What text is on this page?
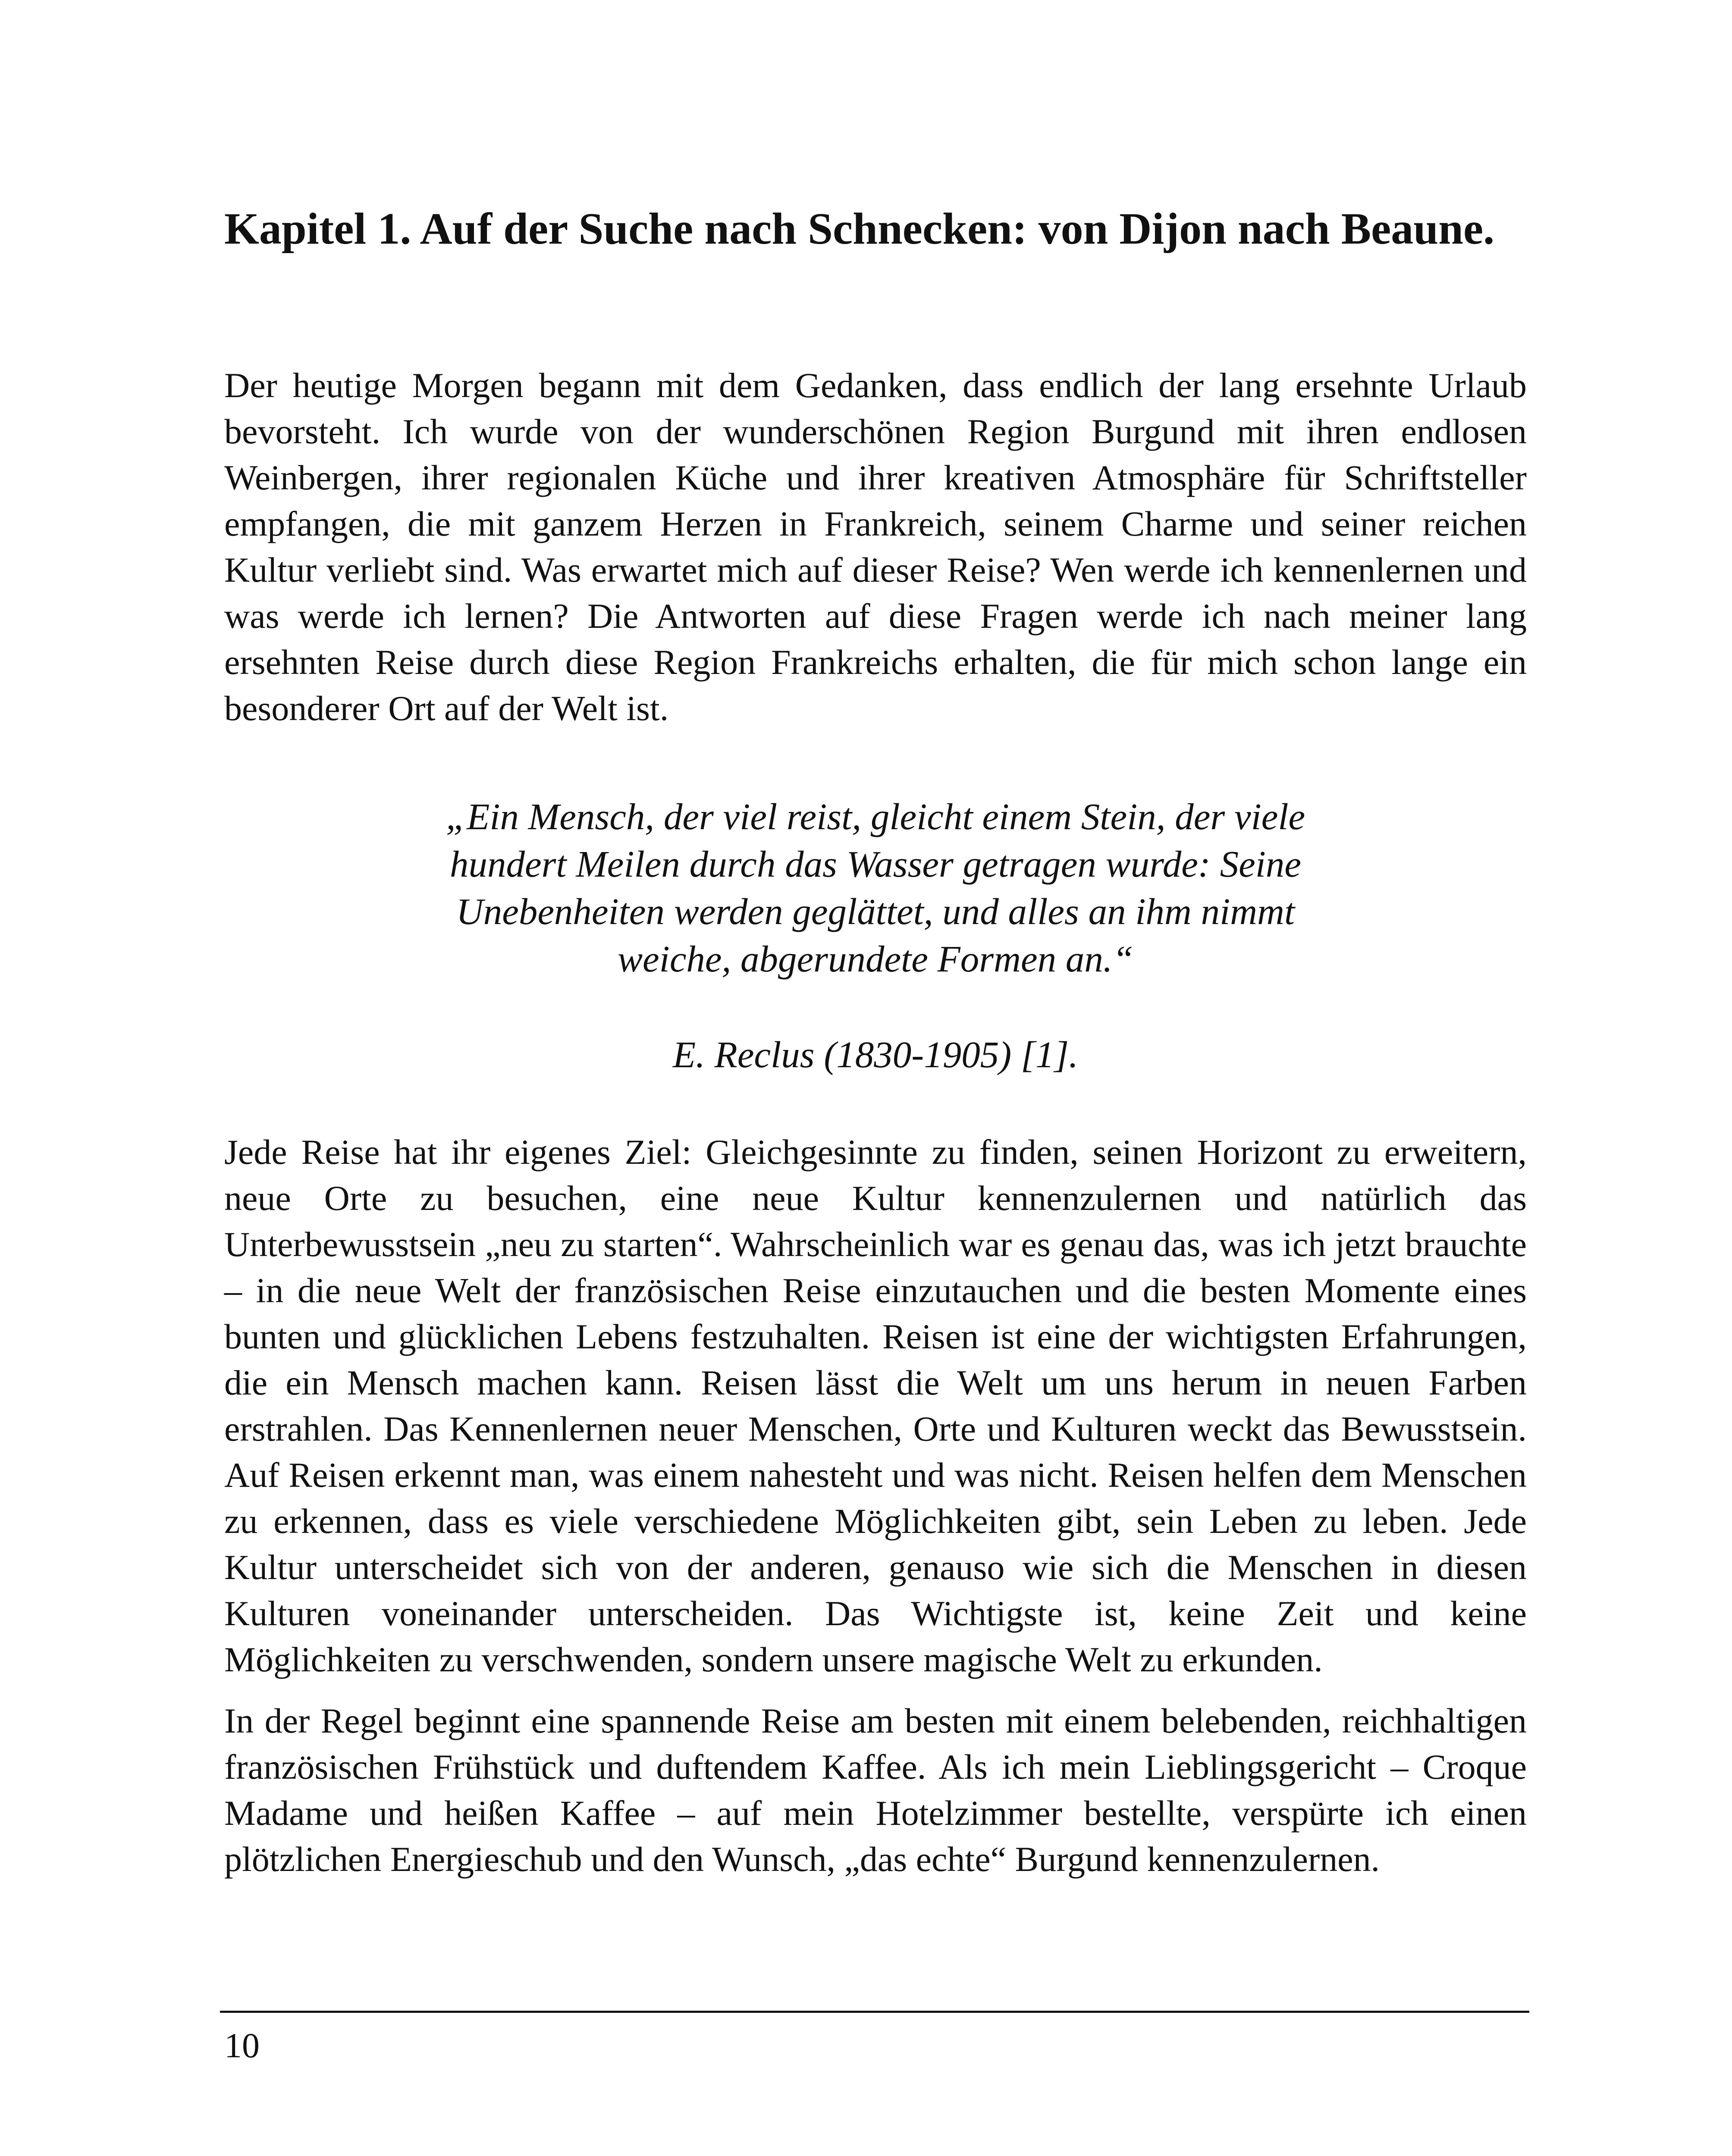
Kapitel 1. Auf der Suche nach Schnecken: von Dijon nach Beaune.

Der heutige Morgen begann mit dem Gedanken, dass endlich der lang ersehnte Urlaub bevorsteht. Ich wurde von der wunderschönen Region Burgund mit ihren endlosen Weinbergen, ihrer regionalen Küche und ihrer kreativen Atmosphäre für Schriftsteller empfangen, die mit ganzem Herzen in Frankreich, seinem Charme und seiner reichen Kultur verliebt sind. Was erwartet mich auf dieser Reise? Wen werde ich kennenlernen und was werde ich lernen? Die Antworten auf diese Fragen werde ich nach meiner lang ersehnten Reise durch diese Region Frankreichs erhalten, die für mich schon lange ein besonderer Ort auf der Welt ist.

„Ein Mensch, der viel reist, gleicht einem Stein, der viele
hundert Meilen durch das Wasser getragen wurde: Seine
Unebenheiten werden geglättet, und alles an ihm nimmt
weiche, abgerundete Formen an.“

E. Reclus (1830-1905) [1].

Jede Reise hat ihr eigenes Ziel: Gleichgesinnte zu finden, seinen Horizont zu erweitern, neue Orte zu besuchen, eine neue Kultur kennenzulernen und natürlich das Unterbewusstsein „neu zu starten“. Wahrscheinlich war es genau das, was ich jetzt brauchte – in die neue Welt der französischen Reise einzutauchen und die besten Momente eines bunten und glücklichen Lebens festzuhalten. Reisen ist eine der wichtigsten Erfahrungen, die ein Mensch machen kann. Reisen lässt die Welt um uns herum in neuen Farben erstrahlen. Das Kennenlernen neuer Menschen, Orte und Kulturen weckt das Bewusstsein. Auf Reisen erkennt man, was einem nahesteht und was nicht. Reisen helfen dem Menschen zu erkennen, dass es viele verschiedene Möglichkeiten gibt, sein Leben zu leben. Jede Kultur unterscheidet sich von der anderen, genauso wie sich die Menschen in diesen Kulturen voneinander unterscheiden. Das Wichtigste ist, keine Zeit und keine Möglichkeiten zu verschwenden, sondern unsere magische Welt zu erkunden.

In der Regel beginnt eine spannende Reise am besten mit einem belebenden, reichhaltigen französischen Frühstück und duftendem Kaffee. Als ich mein Lieblingsgericht – Croque Madame und heißen Kaffee – auf mein Hotelzimmer bestellte, verspürte ich einen plötzlichen Energieschub und den Wunsch, „das echte“ Burgund kennenzulernen.

10
